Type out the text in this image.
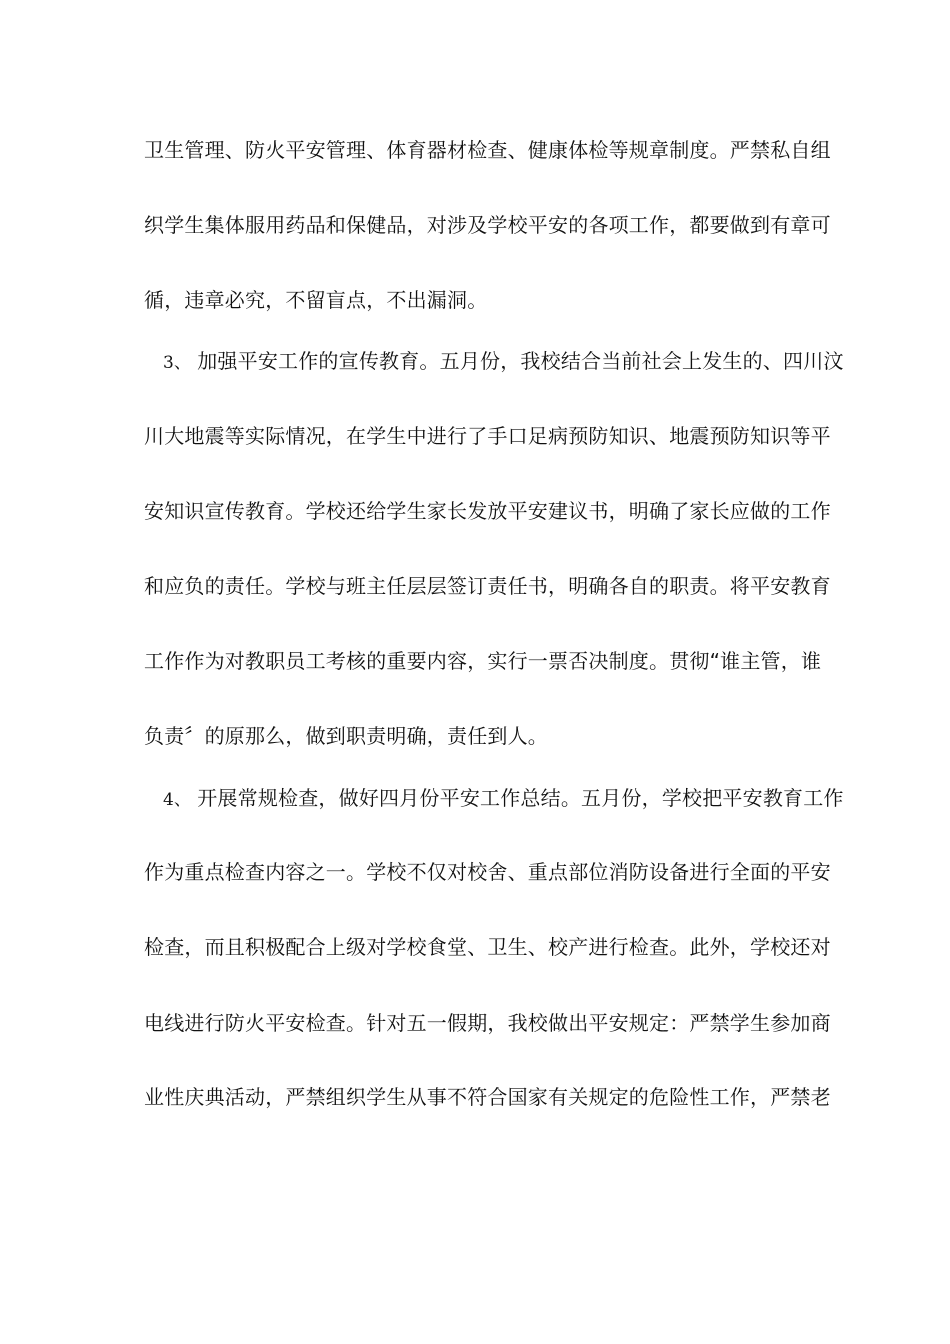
卫生管理、防火平安管理、体育器材检查、健康体检等规章制度。严禁私自组
织学生集体服用药品和保健品，对涉及学校平安的各项工作，都要做到有章可
循，违章必究，不留盲点，不出漏洞。
3、 加强平安工作的宣传教育。五月份，我校结合当前社会上发生的、四川汶
川大地震等实际情况，在学生中进行了手口足病预防知识、地震预防知识等平
安知识宣传教育。学校还给学生家长发放平安建议书，明确了家长应做的工作
和应负的责任。学校与班主任层层签订责任书，明确各自的职责。将平安教育
工作作为对教职员工考核的重要内容，实行一票否决制度。贯彻“谁主管，谁
负责〞的原那么，做到职责明确，责任到人。
4、 开展常规检查，做好四月份平安工作总结。五月份，学校把平安教育工作
作为重点检查内容之一。学校不仅对校舍、重点部位消防设备进行全面的平安
检查，而且积极配合上级对学校食堂、卫生、校产进行检查。此外，学校还对
电线进行防火平安检查。针对五一假期，我校做出平安规定：严禁学生参加商
业性庆典活动，严禁组织学生从事不符合国家有关规定的危险性工作，严禁老
